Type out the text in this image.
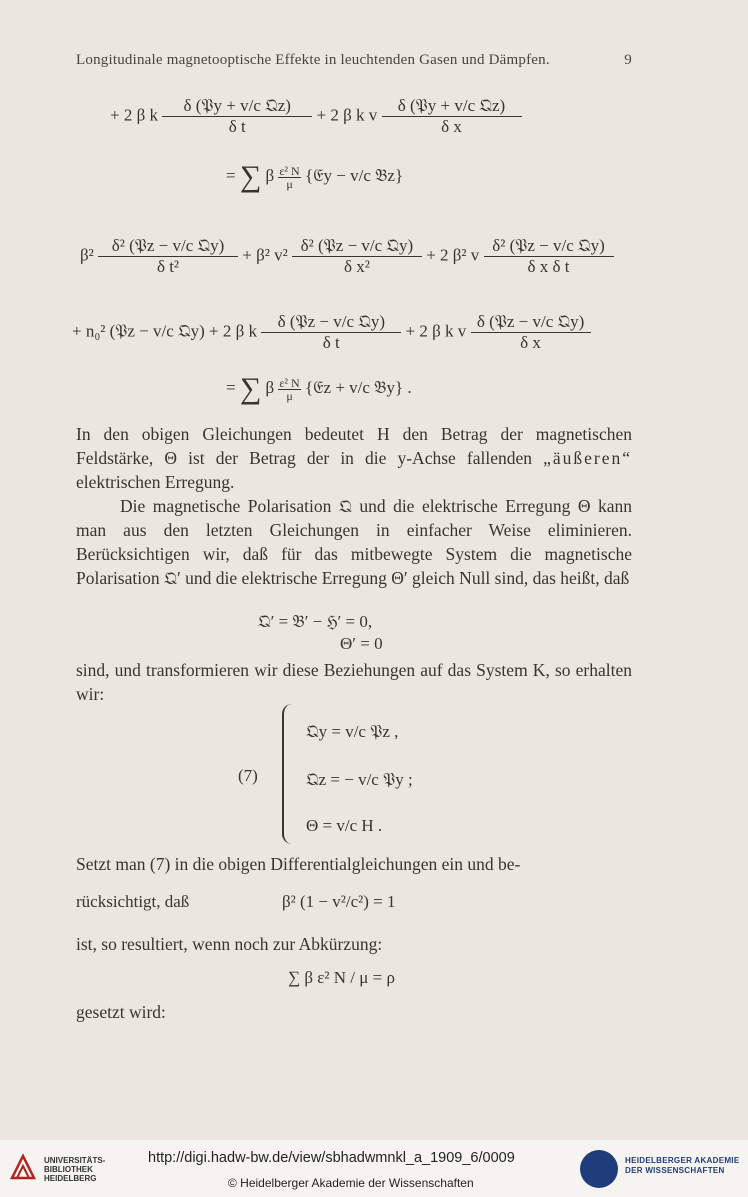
Longitudinale magnetooptische Effekte in leuchtenden Gasen und Dämpfen.	9
+ 2 β k $\frac{\text{δ (𝔓y + v/c 𝔔z)}}{\text{δ t}} + 2$ β k v $\frac{\text{δ (𝔓y + v/c 𝔔z)}}{\text{δ x}}$
= ∑ β $\frac{\text{ε² N}}{\mu}$ {𝔈y − v/c 𝔅z}
$\beta^2 \frac{\text{δ² (𝔓z − v/c 𝔔y)}}{\text{δ t²}} + \beta^2$ $v^2 \frac{\text{δ² (𝔓z − v/c 𝔔y)}}{\text{δ x²}} + 2$ β² v $\frac{\text{δ² (𝔓z − v/c 𝔔y)}}{\text{δ x δ t}}$
+ n₀² (𝔓z − v/c 𝔔y) + 2 β k $\frac{\text{δ (𝔓z − v/c 𝔔y)}}{\text{δ t}} + 2$ β k v $\frac{\text{δ (𝔓z − v/c 𝔔y)}}{\text{δ x}}$
= ∑ β $\frac{\text{ε² N}}{\mu}$ {𝔈z + v/c 𝔅y} .

In den obigen Gleichungen bedeutet H den Betrag der magnetischen Feldstärke, Θ ist der Betrag der in die y-Achse fallenden „äußeren“ elektrischen Erregung.

Die magnetische Polarisation 𝔔 und die elektrische Erregung Θ kann man aus den letzten Gleichungen in einfacher Weise eliminieren. Berücksichtigen wir, daß für das mitbewegte System die magnetische Polarisation 𝔔′ und die elektrische Erregung Θ′ gleich Null sind, das heißt, daß

𝔔′ = 𝔅′ − ℌ′ = 0,
Θ′ = 0

sind, und transformieren wir diese Beziehungen auf das System K, so erhalten wir:

(7)
𝔔y = v/c 𝔓z ,
𝔔z = − v/c 𝔓y ;
Θ = v/c H .

Setzt man (7) in die obigen Differentialgleichungen ein und be-

rücksichtigt, daß	β² (1 − v²/c²) = 1

ist, so resultiert, wenn noch zur Abkürzung:

∑ β ε² N / μ = ρ

gesetzt wird:

UNIVERSITÄTS- BIBLIOTHEK HEIDELBERG
http://digi.hadw-bw.de/view/sbhadwmnkl_a_1909_6/0009
© Heidelberger Akademie der Wissenschaften
HEIDELBERGER AKADEMIE DER WISSENSCHAFTEN
